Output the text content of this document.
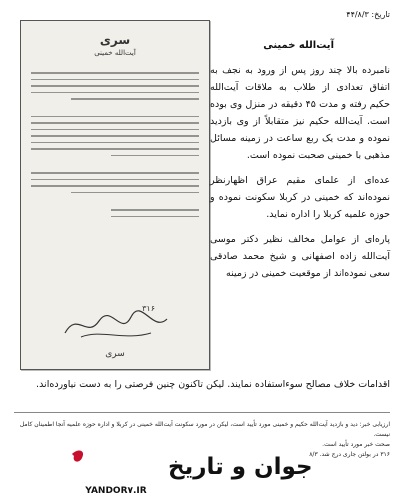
سری
آیت‌الله خمینی
۳۱۶
سری
تاریخ: ۴۴/۸/۳
آیت‌الله خمینی

نامبرده بالا چند روز پس از ورود به نجف به اتفاق تعدادی از طلاب به ملاقات آیت‌الله حکیم رفته و مدت ۴۵ دقیقه در منزل وی بوده است. آیت‌الله حکیم نیز متقابلاً از وی بازدید نموده و مدت یک ربع ساعت در زمینه مسائل مذهبی با خمینی صحبت نموده است.

عده‌ای از علمای مقیم عراق اظهارنظر نموده‌اند که خمینی در کربلا سکونت نموده و حوزه علمیه کربلا را اداره نماید.

پاره‌ای از عوامل مخالف نظیر دکتر موسی آیت‌الله زاده اصفهانی و شیخ محمد صادقی سعی نموده‌اند از موقعیت خمینی در زمینه

اقدامات خلاف مصالح سوءاستفاده نمایند. لیکن تاکنون چنین فرصتی را به دست نیاورده‌اند.
ارزیابی خبر: دید و بازدید آیت‌الله حکیم و خمینی مورد تأیید است، لیکن در مورد سکونت آیت‌الله خمینی در کربلا و اداره حوزه علمیه آنجا اطمینان کامل نیست.
صحت خبر مورد تأیید است.
۳۱۶ در بولتن جاری درج شد. ۸/۳
جوان و تاریخ
YANDOR۷.IR
